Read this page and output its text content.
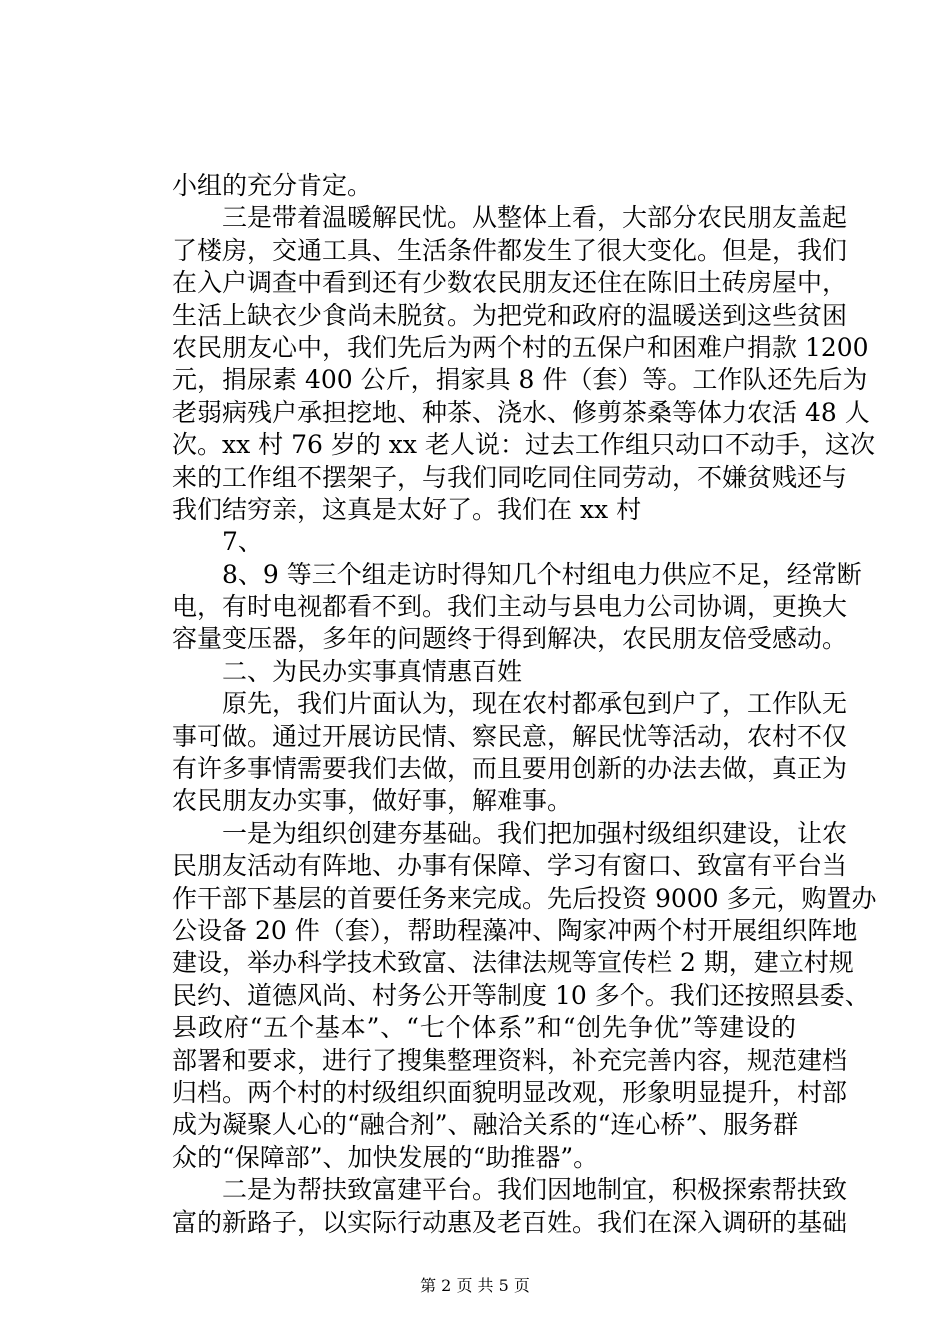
小组的充分肯定。
三是带着温暖解民忧。从整体上看，大部分农民朋友盖起
了楼房，交通工具、生活条件都发生了很大变化。但是，我们
在入户调查中看到还有少数农民朋友还住在陈旧土砖房屋中，
生活上缺衣少食尚未脱贫。为把党和政府的温暖送到这些贫困
农民朋友心中，我们先后为两个村的五保户和困难户捐款 1200
元，捐尿素 400 公斤，捐家具 8 件（套）等。工作队还先后为
老弱病残户承担挖地、种茶、浇水、修剪茶桑等体力农活 48 人
次。xx 村 76 岁的 xx 老人说：过去工作组只动口不动手，这次
来的工作组不摆架子，与我们同吃同住同劳动，不嫌贫贱还与
我们结穷亲，这真是太好了。我们在 xx 村
7、
8、9 等三个组走访时得知几个村组电力供应不足，经常断
电，有时电视都看不到。我们主动与县电力公司协调，更换大
容量变压器，多年的问题终于得到解决，农民朋友倍受感动。
二、为民办实事真情惠百姓
原先，我们片面认为，现在农村都承包到户了，工作队无
事可做。通过开展访民情、察民意，解民忧等活动，农村不仅
有许多事情需要我们去做，而且要用创新的办法去做，真正为
农民朋友办实事，做好事，解难事。
一是为组织创建夯基础。我们把加强村级组织建设，让农
民朋友活动有阵地、办事有保障、学习有窗口、致富有平台当
作干部下基层的首要任务来完成。先后投资 9000 多元，购置办
公设备 20 件（套），帮助程藻冲、陶家冲两个村开展组织阵地
建设，举办科学技术致富、法律法规等宣传栏 2 期，建立村规
民约、道德风尚、村务公开等制度 10 多个。我们还按照县委、
县政府“五个基本”、“七个体系”和“创先争优”等建设的
部署和要求，进行了搜集整理资料，补充完善内容，规范建档
归档。两个村的村级组织面貌明显改观，形象明显提升，村部
成为凝聚人心的“融合剂”、融洽关系的“连心桥”、服务群
众的“保障部”、加快发展的“助推器”。
二是为帮扶致富建平台。我们因地制宜，积极探索帮扶致
富的新路子，以实际行动惠及老百姓。我们在深入调研的基础
第 2 页 共 5 页
